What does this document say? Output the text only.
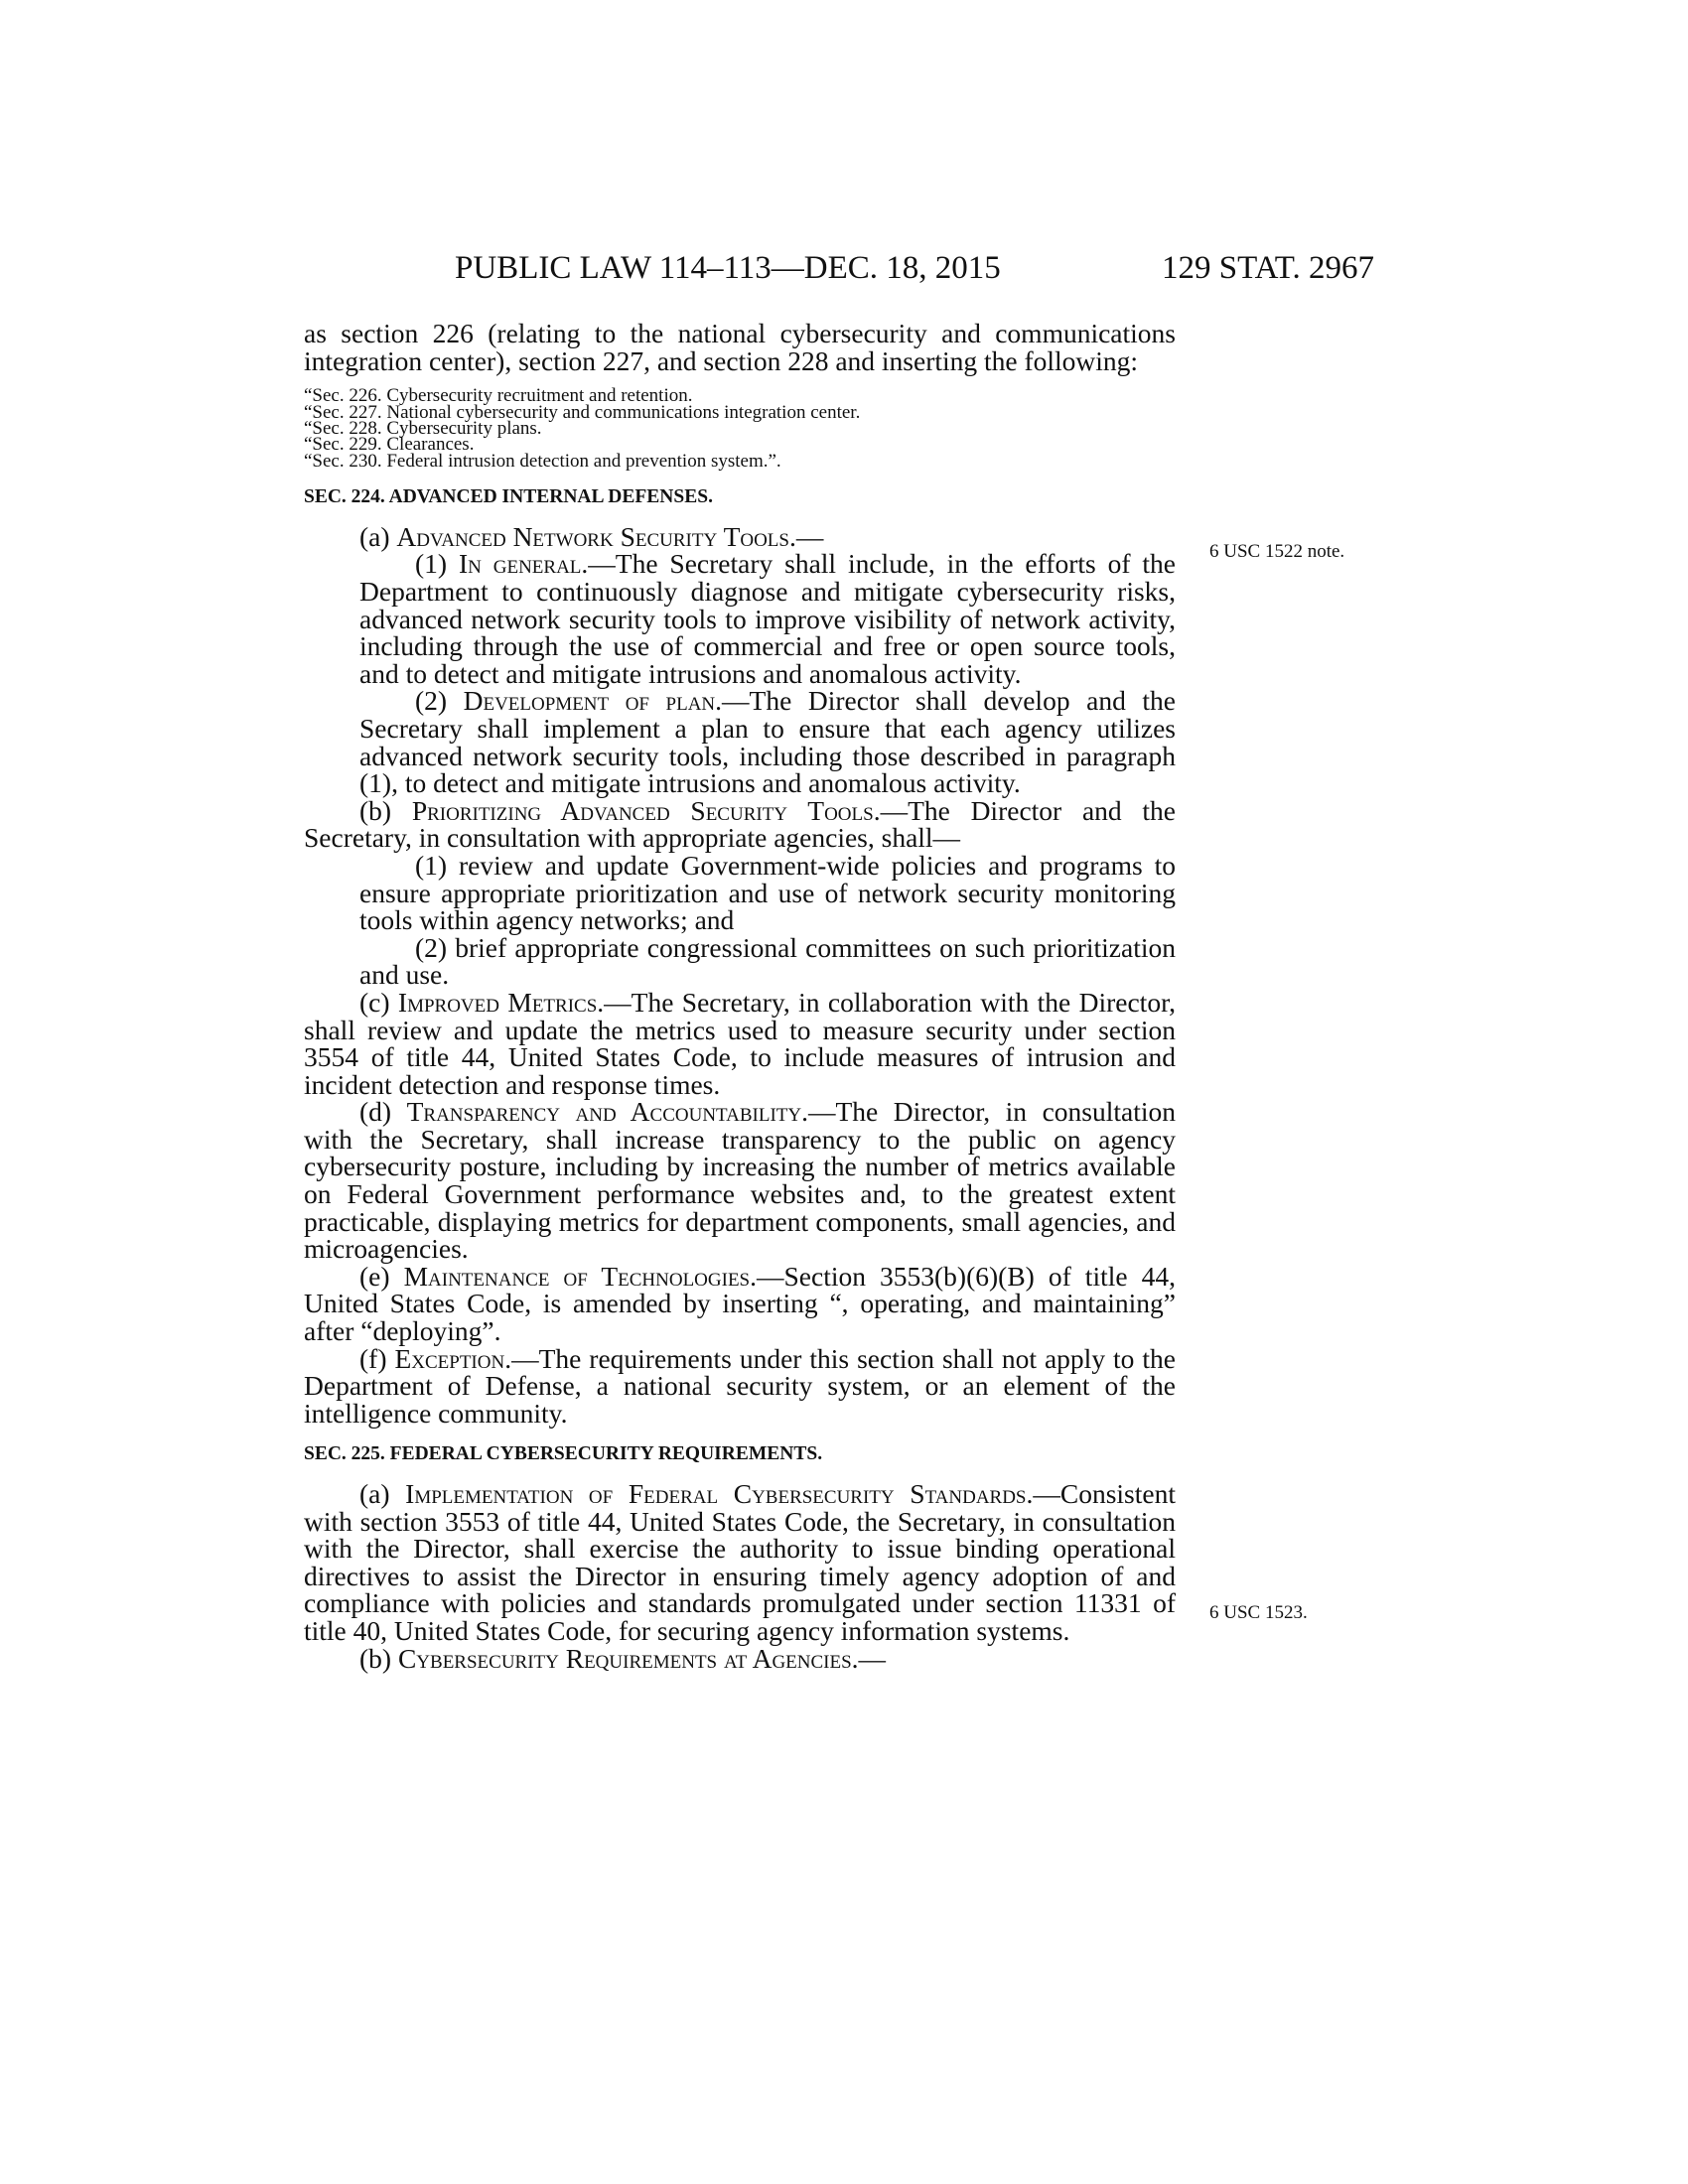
PUBLIC LAW 114–113—DEC. 18, 2015	129 STAT. 2967

as section 226 (relating to the national cybersecurity and communications integration center), section 227, and section 228 and inserting the following:

“Sec. 226. Cybersecurity recruitment and retention.
“Sec. 227. National cybersecurity and communications integration center.
“Sec. 228. Cybersecurity plans.
“Sec. 229. Clearances.
“Sec. 230. Federal intrusion detection and prevention system.”.
SEC. 224. ADVANCED INTERNAL DEFENSES.

(a) Advanced Network Security Tools.—

(1) In general.—The Secretary shall include, in the efforts of the Department to continuously diagnose and mitigate cybersecurity risks, advanced network security tools to improve visibility of network activity, including through the use of commercial and free or open source tools, and to detect and mitigate intrusions and anomalous activity.

(2) Development of plan.—The Director shall develop and the Secretary shall implement a plan to ensure that each agency utilizes advanced network security tools, including those described in paragraph (1), to detect and mitigate intrusions and anomalous activity.

(b) Prioritizing Advanced Security Tools.—The Director and the Secretary, in consultation with appropriate agencies, shall—

(1) review and update Government-wide policies and programs to ensure appropriate prioritization and use of network security monitoring tools within agency networks; and

(2) brief appropriate congressional committees on such prioritization and use.

(c) Improved Metrics.—The Secretary, in collaboration with the Director, shall review and update the metrics used to measure security under section 3554 of title 44, United States Code, to include measures of intrusion and incident detection and response times.

(d) Transparency and Accountability.—The Director, in consultation with the Secretary, shall increase transparency to the public on agency cybersecurity posture, including by increasing the number of metrics available on Federal Government performance websites and, to the greatest extent practicable, displaying metrics for department components, small agencies, and microagencies.

(e) Maintenance of Technologies.—Section 3553(b)(6)(B) of title 44, United States Code, is amended by inserting “, operating, and maintaining” after “deploying”.

(f) Exception.—The requirements under this section shall not apply to the Department of Defense, a national security system, or an element of the intelligence community.

SEC. 225. FEDERAL CYBERSECURITY REQUIREMENTS.

(a) Implementation of Federal Cybersecurity Standards.—Consistent with section 3553 of title 44, United States Code, the Secretary, in consultation with the Director, shall exercise the authority to issue binding operational directives to assist the Director in ensuring timely agency adoption of and compliance with policies and standards promulgated under section 11331 of title 40, United States Code, for securing agency information systems.

(b) Cybersecurity Requirements at Agencies.—

6 USC 1522 note.
6 USC 1523.
